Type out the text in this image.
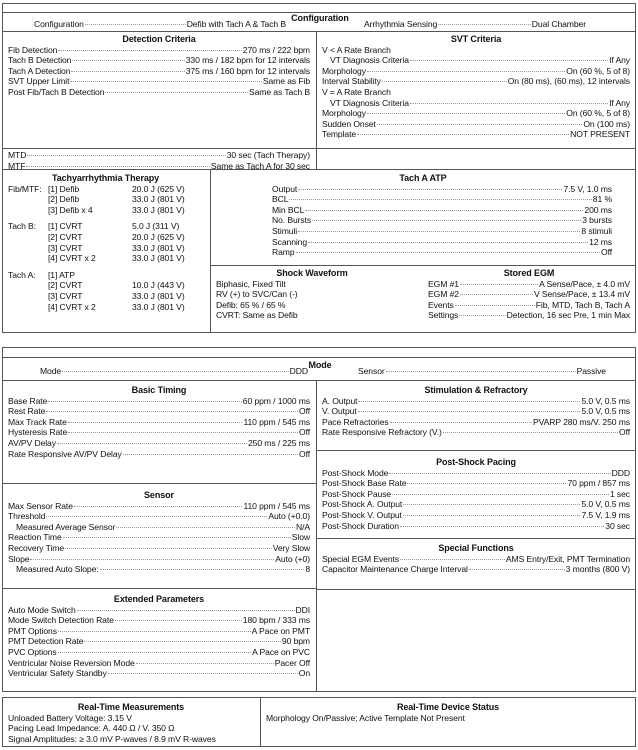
Configuration
Configuration	Defib with Tach A & Tach B	Arrhythmia Sensing	Dual Chamber
Detection Criteria
Fib Detection	270 ms / 222 bpm
Tach B Detection	330 ms / 182 bpm for 12 intervals
Tach A Detection	375 ms / 160 bpm for 12 intervals
SVT Upper Limit	Same as Fib
Post Fib/Tach B Detection	Same as Tach B
SVT Criteria
V < A Rate Branch
VT Diagnosis Criteria	If Any
Morphology	On (60 %, 5 of 8)
Interval Stability	On (80 ms), (60 ms), 12 intervals
V = A Rate Branch
VT Diagnosis Criteria	If Any
Morphology	On (60 %, 5 of 8)
Sudden Onset	On (100 ms)
Template	NOT PRESENT
MTD	30 sec (Tach Therapy)
MTF	Same as Tach A for 30 sec
Tachyarrhythmia Therapy
Fib/MTF: [1] Defib	20.0 J (625 V)
[2] Defib	33.0 J (801 V)
[3] Defib x 4	33.0 J (801 V)
Tach B:	[1] CVRT	5.0 J (311 V)
[2] CVRT	20.0 J (625 V)
[3] CVRT	33.0 J (801 V)
[4] CVRT x 2	33.0 J (801 V)
Tach A:	[1] ATP
[2] CVRT	10.0 J (443 V)
[3] CVRT	33.0 J (801 V)
[4] CVRT x 2	33.0 J (801 V)
Tach A ATP
Output	7.5 V, 1.0 ms
BCL	81 %
Min BCL	200 ms
No. Bursts	3 bursts
Stimuli	8 stimuli
Scanning	12 ms
Ramp	Off
Shock Waveform
Biphasic, Fixed Tilt
RV (+) to SVC/Can (-)
Defib: 65 % / 65 %
CVRT: Same as Defib
Stored EGM
EGM #1	A Sense/Pace, ± 4.0 mV
EGM #2	V Sense/Pace, ± 13.4 mV
Events	Fib, MTD, Tach B, Tach A
Settings	Detection, 16 sec Pre, 1 min Max
Mode
Mode	DDD	Sensor	Passive
Basic Timing
Base Rate	60 ppm / 1000 ms
Rest Rate	Off
Max Track Rate	110 ppm / 545 ms
Hysteresis Rate	Off
AV/PV Delay	250 ms / 225 ms
Rate Responsive AV/PV Delay	Off
Sensor
Max Sensor Rate	110 ppm / 545 ms
Threshold	Auto (+0.0)
Measured Average Sensor	N/A
Reaction Time	Slow
Recovery Time	Very Slow
Slope	Auto (+0)
Measured Auto Slope:	8
Extended Parameters
Auto Mode Switch	DDI
Mode Switch Detection Rate	180 bpm / 333 ms
PMT Options	A Pace on PMT
PMT Detection Rate	90 bpm
PVC Options	A Pace on PVC
Ventricular Noise Reversion Mode	Pacer Off
Ventricular Safety Standby	On
Stimulation & Refractory
A. Output	5.0 V, 0.5 ms
V. Output	5.0 V, 0.5 ms
Pace Refractories	PVARP 280 ms/V. 250 ms
Rate Responsive Refractory (V.)	Off
Post-Shock Pacing
Post-Shock Mode	DDD
Post-Shock Base Rate	70 ppm / 857 ms
Post-Shock Pause	1 sec
Post-Shock A. Output	5.0 V, 0.5 ms
Post-Shock V. Output	7.5 V, 1.9 ms
Post-Shock Duration	30 sec
Special Functions
Special EGM Events	AMS Entry/Exit, PMT Termination
Capacitor Maintenance Charge Interval	3 months (800 V)
Real-Time Measurements
Unloaded Battery Voltage: 3.15 V
Pacing Lead Impedance: A. 440 Ω / V. 350 Ω
Signal Amplitudes: ≥ 3.0 mV P-waves / 8.9 mV R-waves
Real-Time Device Status
Morphology On/Passive; Active Template Not Present
